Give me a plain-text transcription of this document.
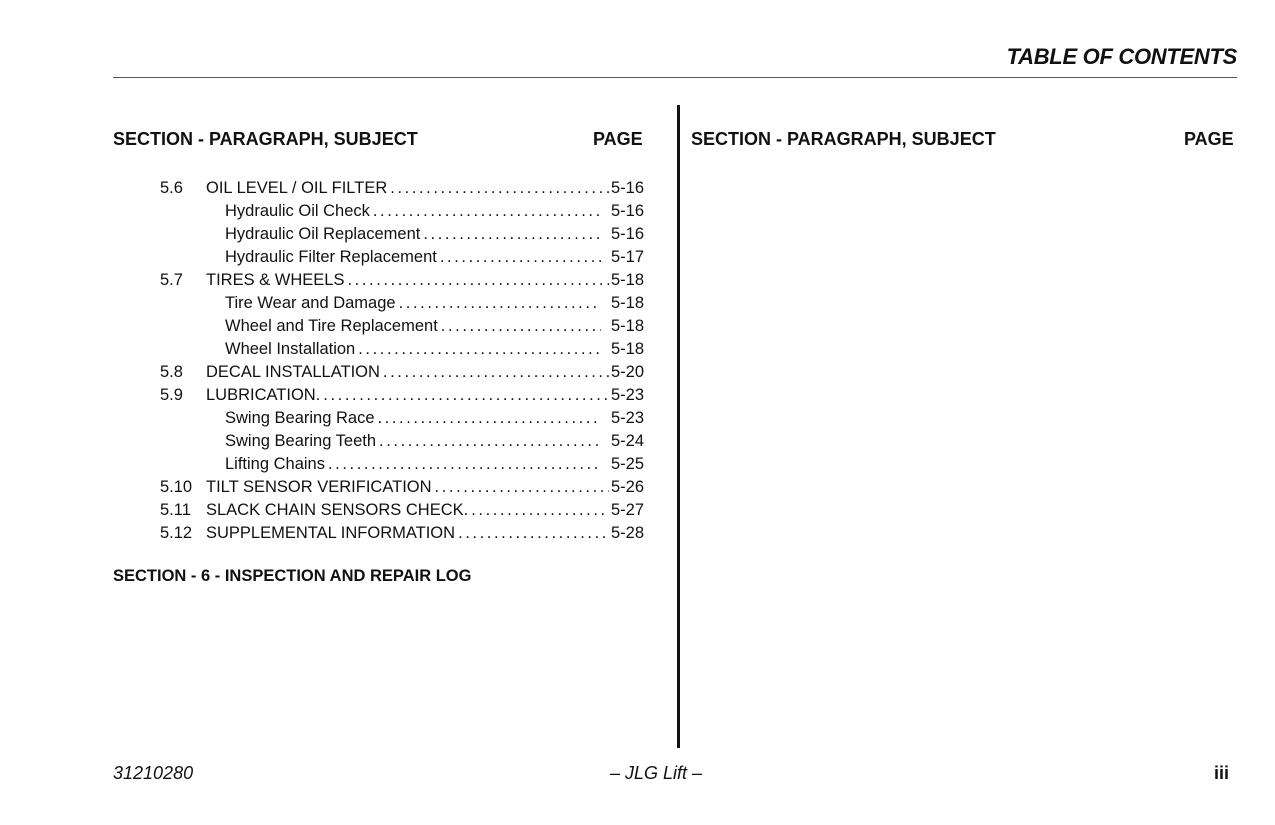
TABLE OF CONTENTS
SECTION - PARAGRAPH, SUBJECT	PAGE	SECTION - PARAGRAPH, SUBJECT	PAGE
5.6 OIL LEVEL / OIL FILTER .....	5-16
Hydraulic Oil Check .....	5-16
Hydraulic Oil Replacement .....	5-16
Hydraulic Filter Replacement .....	5-17
5.7 TIRES & WHEELS .....	5-18
Tire Wear and Damage .....	5-18
Wheel and Tire Replacement .....	5-18
Wheel Installation .....	5-18
5.8 DECAL INSTALLATION .....	5-20
5.9 LUBRICATION. .....	5-23
Swing Bearing Race .....	5-23
Swing Bearing Teeth .....	5-24
Lifting Chains .....	5-25
5.10 TILT SENSOR VERIFICATION .....	5-26
5.11 SLACK CHAIN SENSORS CHECK. .....	5-27
5.12 SUPPLEMENTAL INFORMATION .....	5-28
SECTION - 6 - INSPECTION AND REPAIR LOG
31210280	– JLG Lift –	iii
